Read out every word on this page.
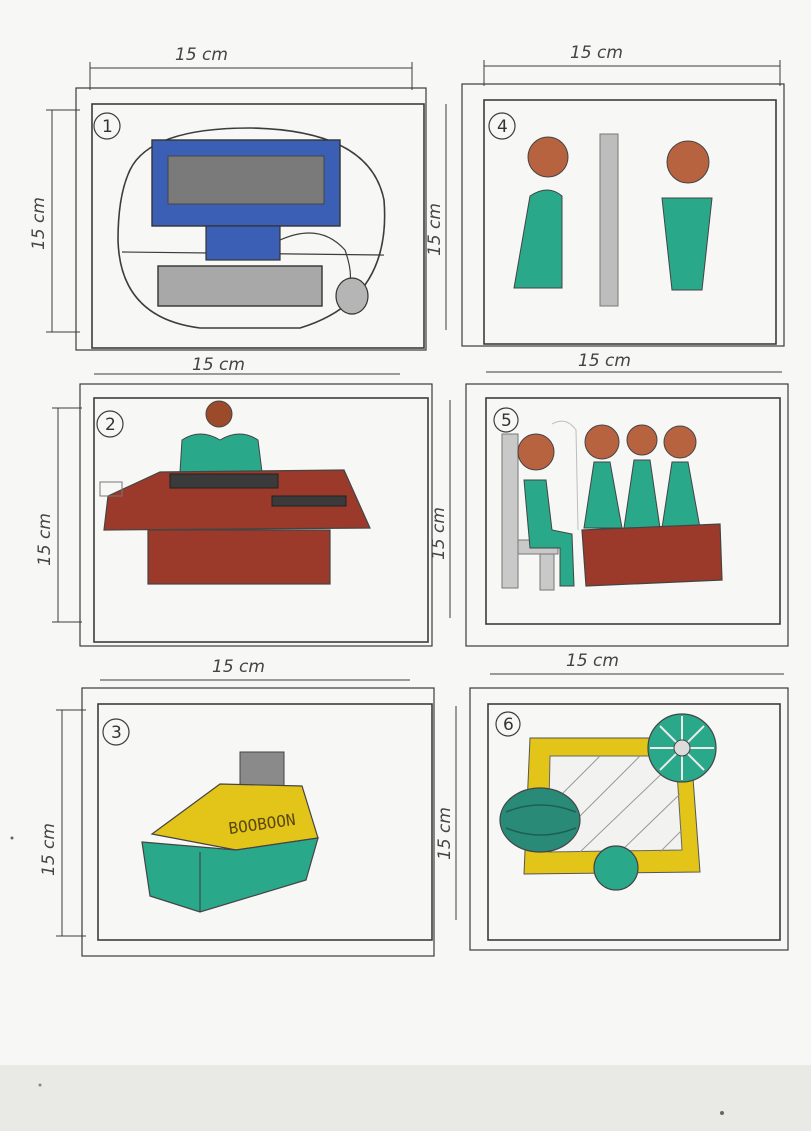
15 cm
15 cm
1
15 cm
15 cm
4
15 cm
15 cm
2
15 cm
15 cm
5
15 cm
15 cm
3
BOOBOON
15 cm
15 cm
6
